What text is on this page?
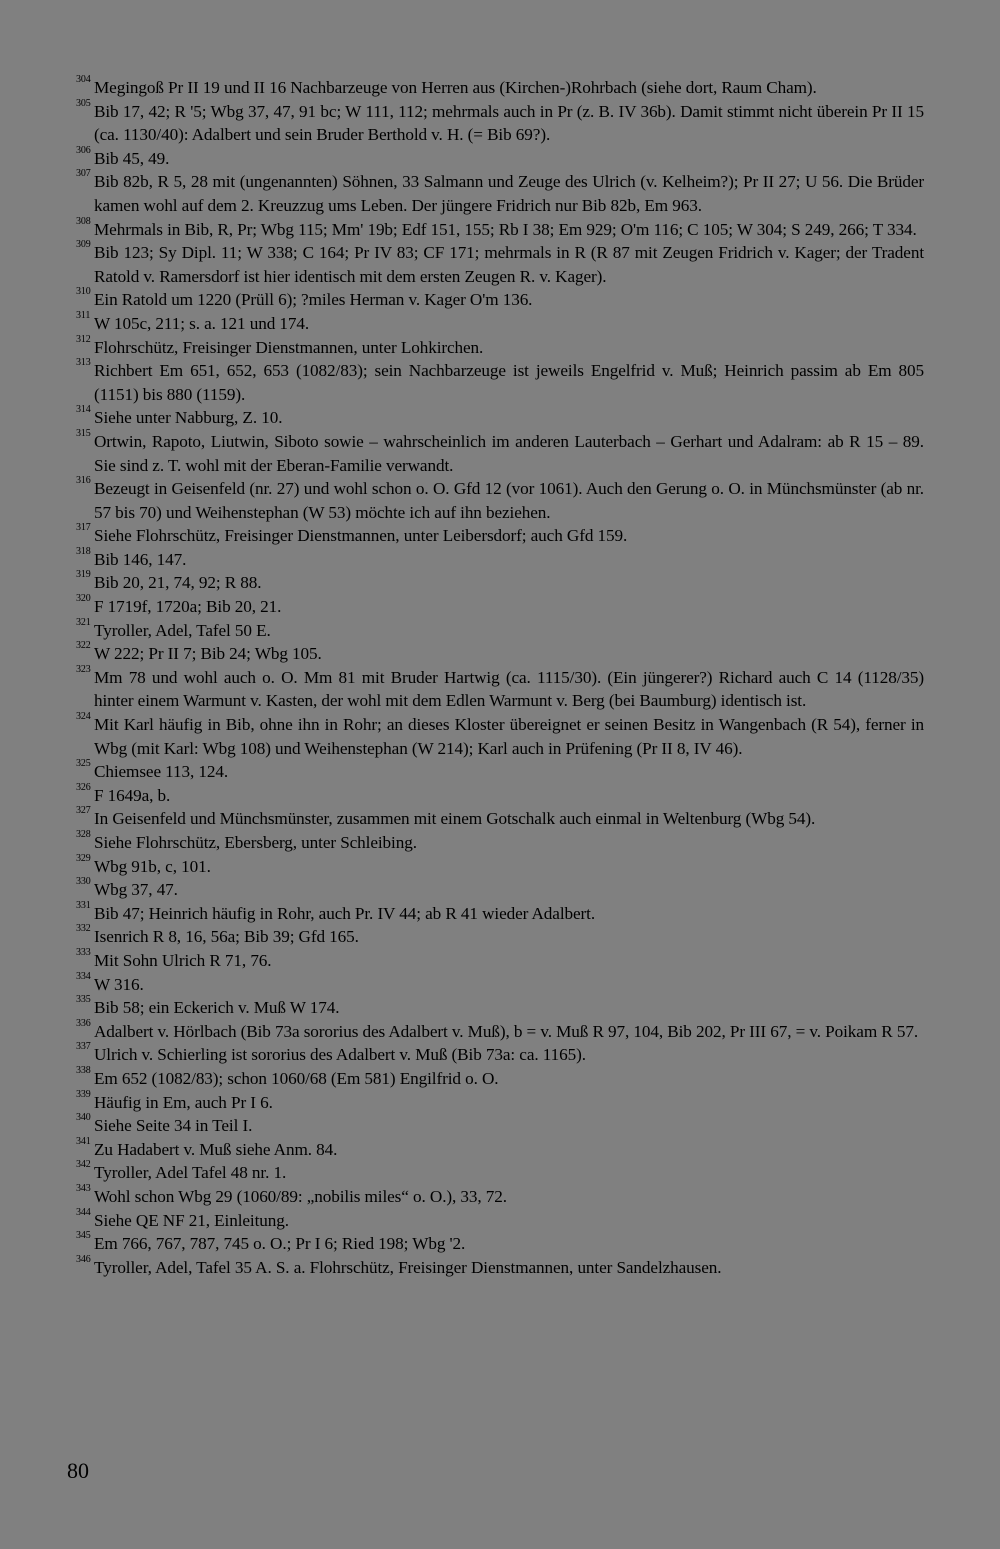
304 Megingoß Pr II 19 und II 16 Nachbarzeuge von Herren aus (Kirchen-)Rohrbach (siehe dort, Raum Cham).
305 Bib 17, 42; R '5; Wbg 37, 47, 91 bc; W 111, 112; mehrmals auch in Pr (z. B. IV 36b). Damit stimmt nicht überein Pr II 15 (ca. 1130/40): Adalbert und sein Bruder Berthold v. H. (= Bib 69?).
306 Bib 45, 49.
307 Bib 82b, R 5, 28 mit (ungenannten) Söhnen, 33 Salmann und Zeuge des Ulrich (v. Kelheim?); Pr II 27; U 56. Die Brüder kamen wohl auf dem 2. Kreuzzug ums Leben. Der jüngere Fridrich nur Bib 82b, Em 963.
308 Mehrmals in Bib, R, Pr; Wbg 115; Mm' 19b; Edf 151, 155; Rb I 38; Em 929; O'm 116; C 105; W 304; S 249, 266; T 334.
309 Bib 123; Sy Dipl. 11; W 338; C 164; Pr IV 83; CF 171; mehrmals in R (R 87 mit Zeugen Fridrich v. Kager; der Tradent Ratold v. Ramersdorf ist hier identisch mit dem ersten Zeugen R. v. Kager).
310 Ein Ratold um 1220 (Prüll 6); ?miles Herman v. Kager O'm 136.
311 W 105c, 211; s. a. 121 und 174.
312 Flohrschütz, Freisinger Dienstmannen, unter Lohkirchen.
313 Richbert Em 651, 652, 653 (1082/83); sein Nachbarzeuge ist jeweils Engelfrid v. Muß; Heinrich passim ab Em 805 (1151) bis 880 (1159).
314 Siehe unter Nabburg, Z. 10.
315 Ortwin, Rapoto, Liutwin, Siboto sowie – wahrscheinlich im anderen Lauterbach – Gerhart und Adalram: ab R 15 – 89. Sie sind z. T. wohl mit der Eberan-Familie verwandt.
316 Bezeugt in Geisenfeld (nr. 27) und wohl schon o. O. Gfd 12 (vor 1061). Auch den Gerung o. O. in Münchsmünster (ab nr. 57 bis 70) und Weihenstephan (W 53) möchte ich auf ihn beziehen.
317 Siehe Flohrschütz, Freisinger Dienstmannen, unter Leibersdorf; auch Gfd 159.
318 Bib 146, 147.
319 Bib 20, 21, 74, 92; R 88.
320 F 1719f, 1720a; Bib 20, 21.
321 Tyroller, Adel, Tafel 50 E.
322 W 222; Pr II 7; Bib 24; Wbg 105.
323 Mm 78 und wohl auch o. O. Mm 81 mit Bruder Hartwig (ca. 1115/30). (Ein jüngerer?) Richard auch C 14 (1128/35) hinter einem Warmunt v. Kasten, der wohl mit dem Edlen Warmunt v. Berg (bei Baumburg) identisch ist.
324 Mit Karl häufig in Bib, ohne ihn in Rohr; an dieses Kloster übereignet er seinen Besitz in Wangenbach (R 54), ferner in Wbg (mit Karl: Wbg 108) und Weihenstephan (W 214); Karl auch in Prüfening (Pr II 8, IV 46).
325 Chiemsee 113, 124.
326 F 1649a, b.
327 In Geisenfeld und Münchsmünster, zusammen mit einem Gotschalk auch einmal in Weltenburg (Wbg 54).
328 Siehe Flohrschütz, Ebersberg, unter Schleibing.
329 Wbg 91b, c, 101.
330 Wbg 37, 47.
331 Bib 47; Heinrich häufig in Rohr, auch Pr. IV 44; ab R 41 wieder Adalbert.
332 Isenrich R 8, 16, 56a; Bib 39; Gfd 165.
333 Mit Sohn Ulrich R 71, 76.
334 W 316.
335 Bib 58; ein Eckerich v. Muß W 174.
336 Adalbert v. Hörlbach (Bib 73a sororius des Adalbert v. Muß), b = v. Muß R 97, 104, Bib 202, Pr III 67, = v. Poikam R 57.
337 Ulrich v. Schierling ist sororius des Adalbert v. Muß (Bib 73a: ca. 1165).
338 Em 652 (1082/83); schon 1060/68 (Em 581) Engilfrid o. O.
339 Häufig in Em, auch Pr I 6.
340 Siehe Seite 34 in Teil I.
341 Zu Hadabert v. Muß siehe Anm. 84.
342 Tyroller, Adel Tafel 48 nr. 1.
343 Wohl schon Wbg 29 (1060/89: „nobilis miles“ o. O.), 33, 72.
344 Siehe QE NF 21, Einleitung.
345 Em 766, 767, 787, 745 o. O.; Pr I 6; Ried 198; Wbg '2.
346 Tyroller, Adel, Tafel 35 A. S. a. Flohrschütz, Freisinger Dienstmannen, unter Sandelzhausen.
80
